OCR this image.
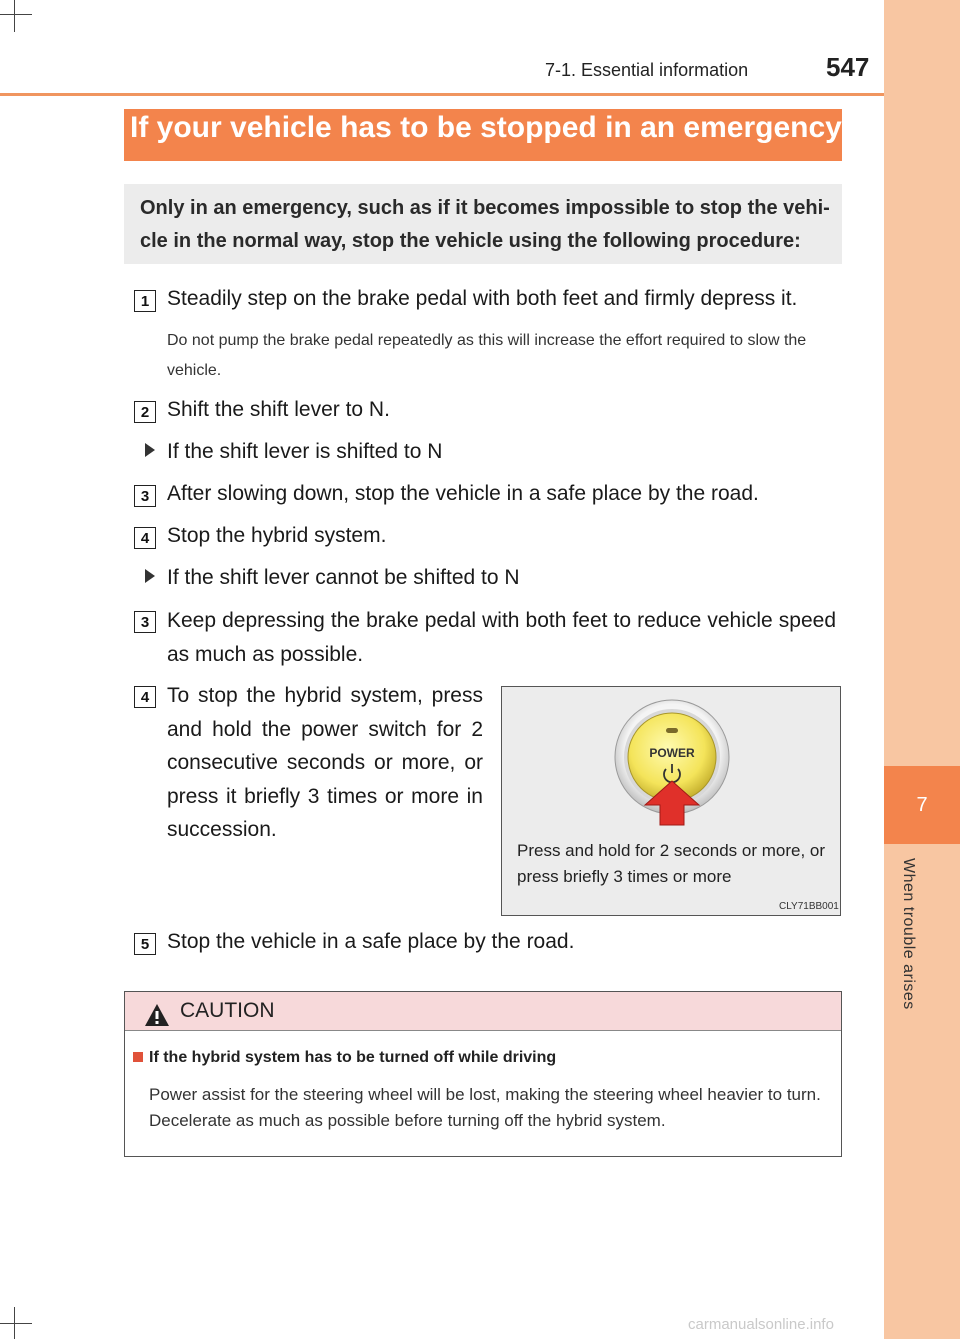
7
When trouble arises
7-1. Essential information	547
If your vehicle has to be stopped in an emergency
Only in an emergency, such as if it becomes impossible to stop the vehi-cle in the normal way, stop the vehicle using the following procedure:
1 Steadily step on the brake pedal with both feet and firmly depress it.
Do not pump the brake pedal repeatedly as this will increase the effort required to slow the vehicle.
2 Shift the shift lever to N.
If the shift lever is shifted to N
3 After slowing down, stop the vehicle in a safe place by the road.
4 Stop the hybrid system.
If the shift lever cannot be shifted to N
3 Keep depressing the brake pedal with both feet to reduce vehicle speed as much as possible.
4 To stop the hybrid system, press and hold the power switch for 2 consecutive seconds or more, or press it briefly 3 times or more in succession.
POWER
Press and hold for 2 seconds or more, or press briefly 3 times or more
CLY71BB001
5 Stop the vehicle in a safe place by the road.
CAUTION
If the hybrid system has to be turned off while driving
Power assist for the steering wheel will be lost, making the steering wheel heavier to turn. Decelerate as much as possible before turning off the hybrid system.
carmanualsonline.info
